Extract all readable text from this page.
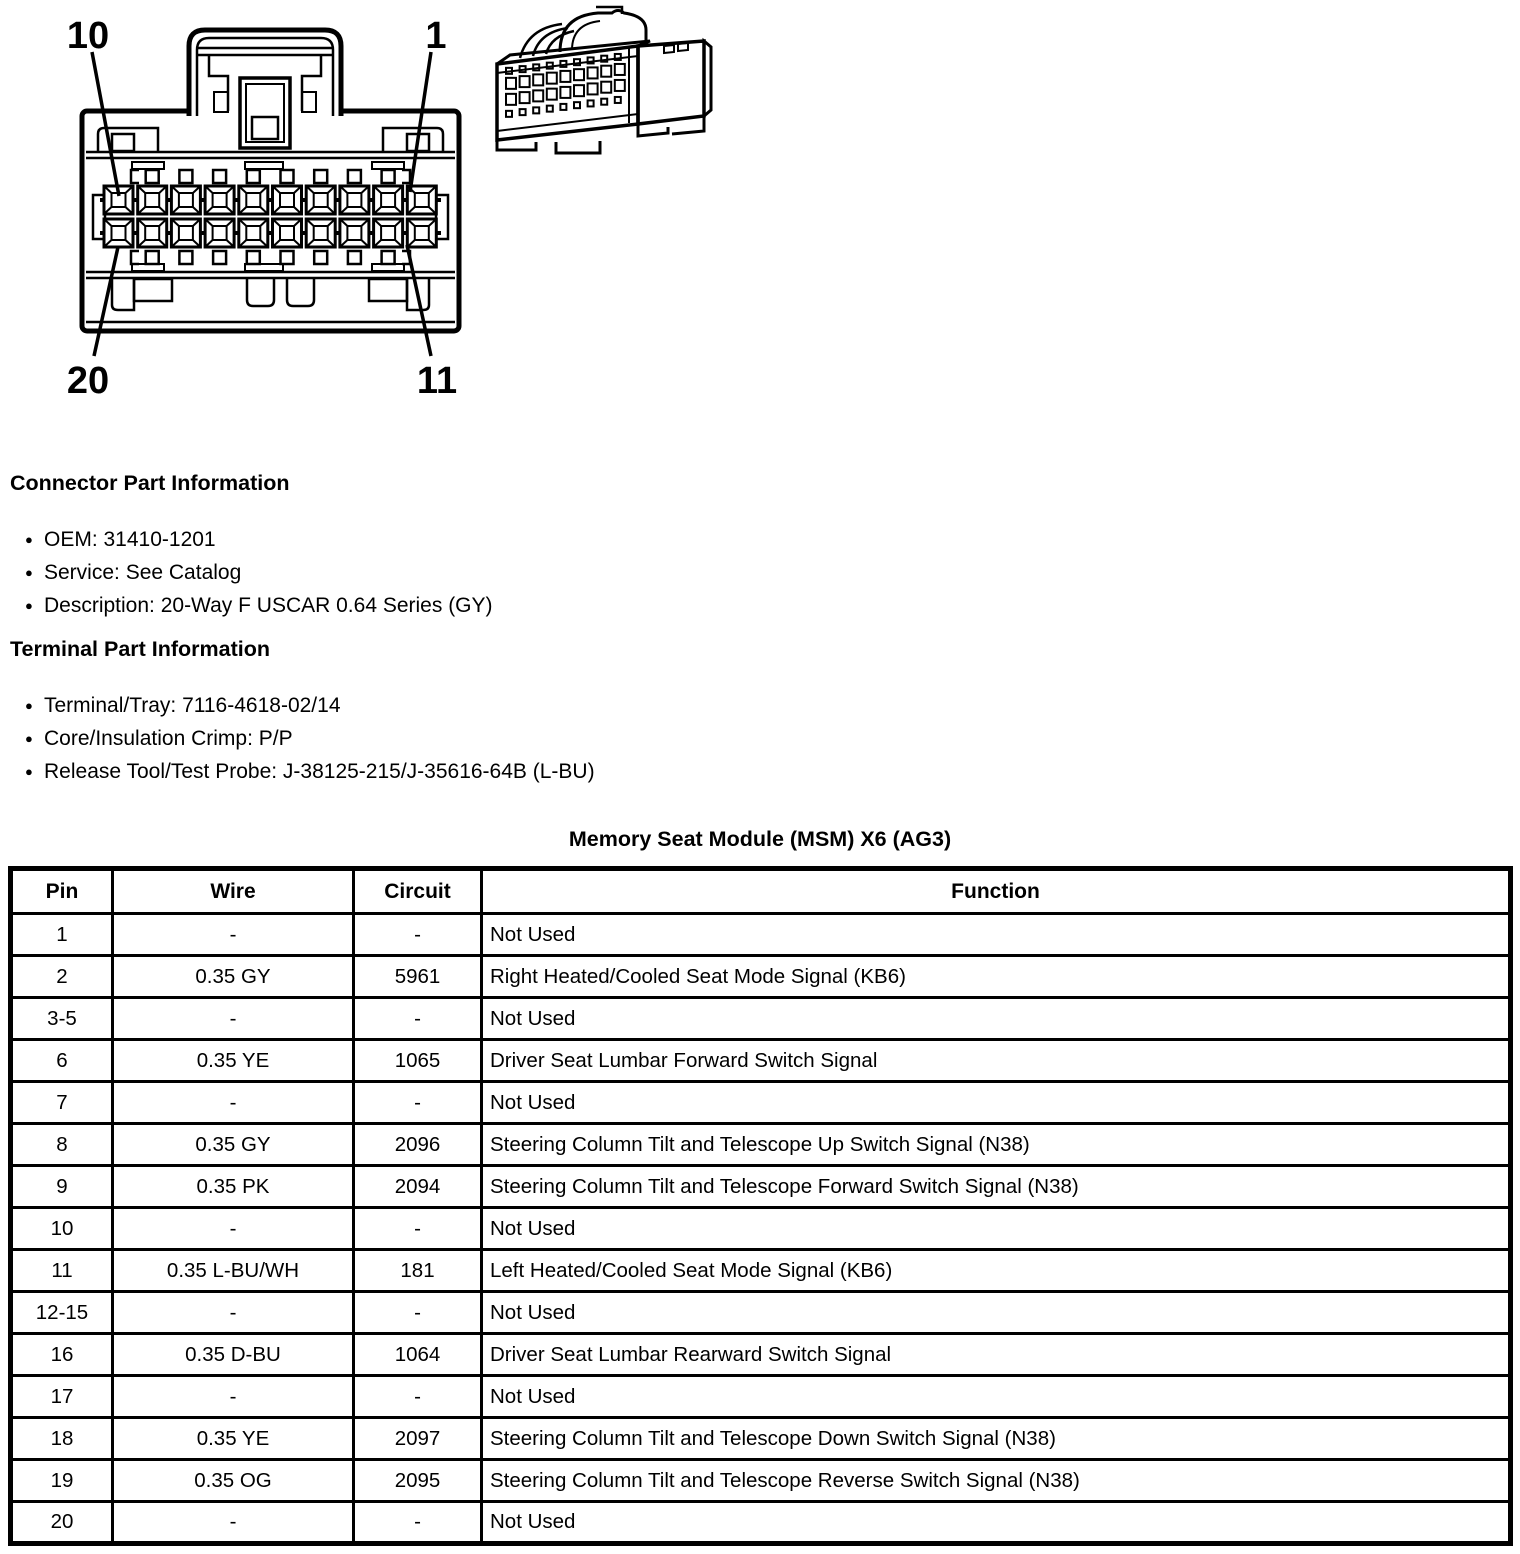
10	1
20	11
Connector Part Information
● OEM: 31410-1201
● Service: See Catalog
● Description: 20-Way F USCAR 0.64 Series (GY)
Terminal Part Information
● Terminal/Tray: 7116-4618-02/14
● Core/Insulation Crimp: P/P
● Release Tool/Test Probe: J-38125-215/J-35616-64B (L-BU)
Memory Seat Module (MSM) X6 (AG3)
Pin	Wire	Circuit	Function
1	-	-	Not Used
2	0.35 GY	5961	Right Heated/Cooled Seat Mode Signal (KB6)
3-5	-	-	Not Used
6	0.35 YE	1065	Driver Seat Lumbar Forward Switch Signal
7	-	-	Not Used
8	0.35 GY	2096	Steering Column Tilt and Telescope Up Switch Signal (N38)
9	0.35 PK	2094	Steering Column Tilt and Telescope Forward Switch Signal (N38)
10	-	-	Not Used
11	0.35 L-BU/WH	181	Left Heated/Cooled Seat Mode Signal (KB6)
12-15	-	-	Not Used
16	0.35 D-BU	1064	Driver Seat Lumbar Rearward Switch Signal
17	-	-	Not Used
18	0.35 YE	2097	Steering Column Tilt and Telescope Down Switch Signal (N38)
19	0.35 OG	2095	Steering Column Tilt and Telescope Reverse Switch Signal (N38)
20	-	-	Not Used
